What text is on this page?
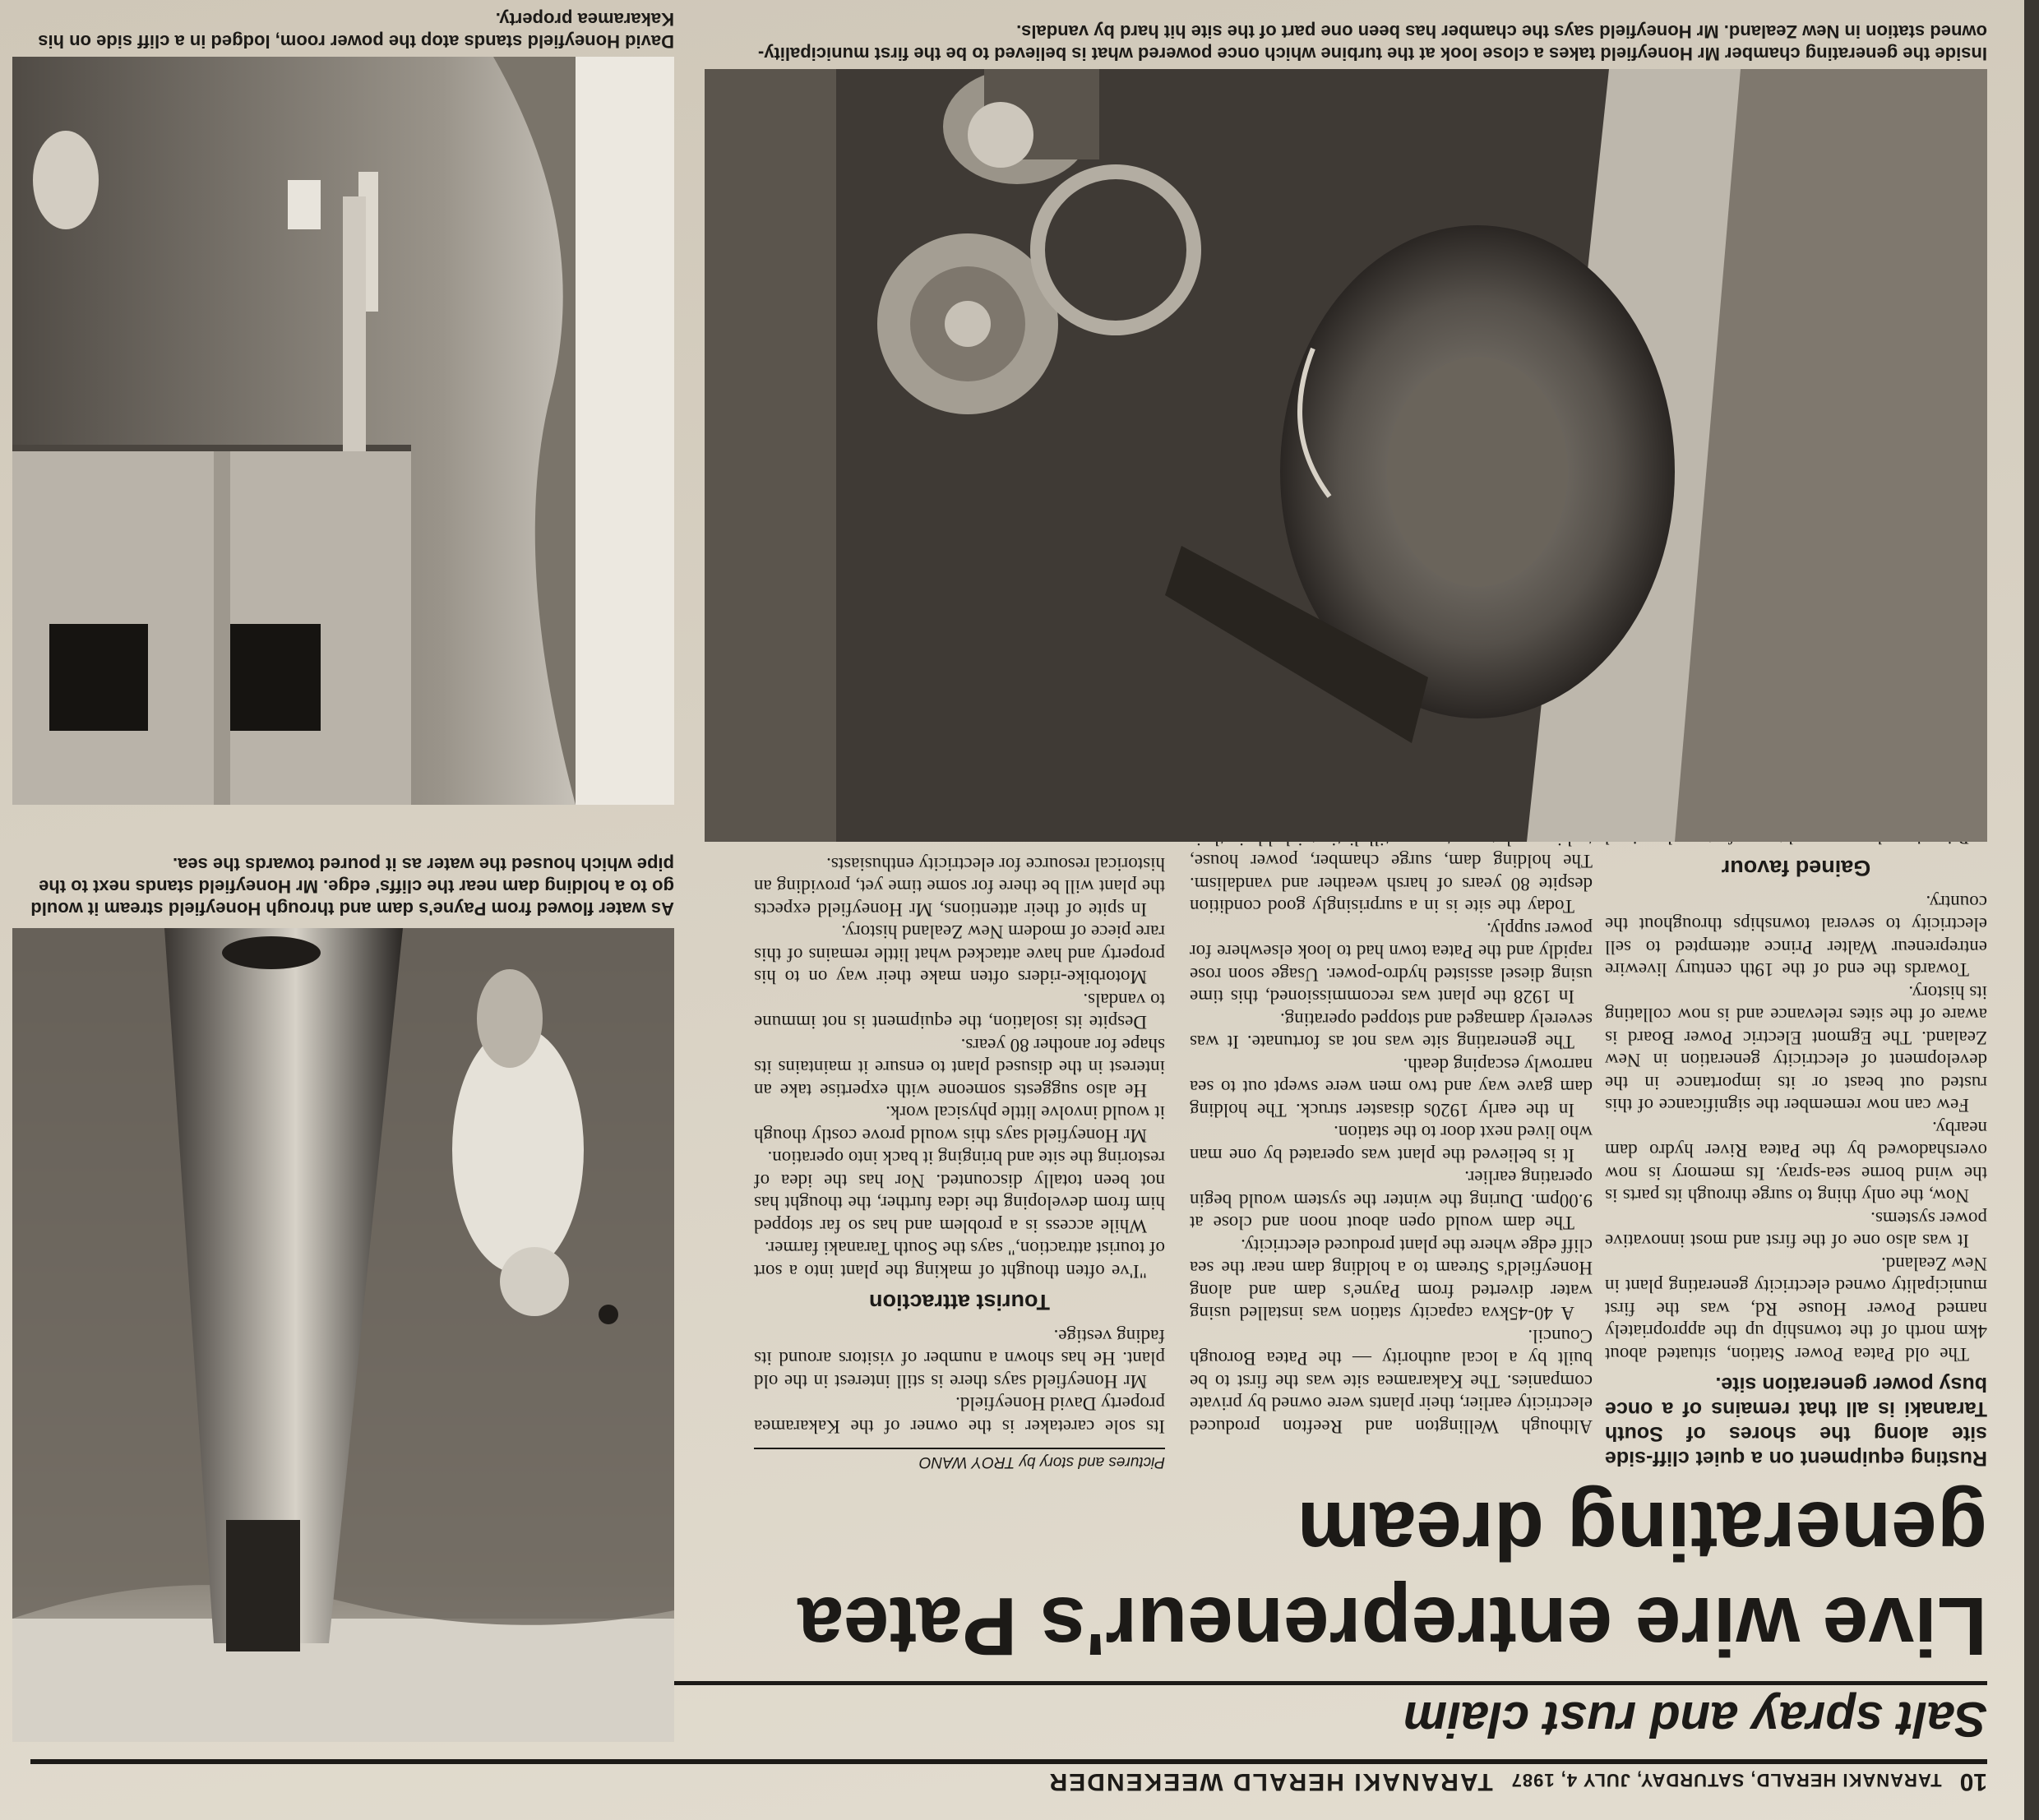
10
TARANAKI HERALD, SATURDAY, JULY 4, 1987
TARANAKI HERALD WEEKENDER
Salt spray and rust claim
Live wire entrepreneur's Patea generating dream
Pictures and story by TROY WANO	Rusting equipment on a quiet cliff-side site along the shores of South Taranaki is all that remains of a once busy power generation site.

The old Patea Power Station, situated about 4km north of the township up the appropriately named Power House Rd, was the first municipality owned electricity generating plant in New Zealand.

It was also one of the first and most innovative power systems.

Now, the only thing to surge through its parts is the wind borne sea-spray. Its memory is now overshadowed by the Patea River hydro dam nearby.

Few can now remember the significance of this rusted out beast or its importance in the development of electricity generation in New Zealand. The Egmont Electric Power Board is aware of the sites relevance and is now collating its history.

Towards the end of the 19th century livewire entrepreneur Walter Prince attempted to sell electricity to several townships throughout the country.

Gained favour

Although Wellington and Reefton produced electricity earlier, their plants were owned by private companies. The Kakaramea site was the first to be built by a local authority — the Patea Borough Council.

A 40-45kva capacity station was installed using water diverted from Payne's dam and along Honeyfield's Stream to a holding dam near the sea cliff edge where the plant produced electricity.

The dam would open about noon and close at 9.00pm. During the winter the system would begin operating earlier.

It is believed the plant was operated by one man who lived next door to the station.

In the early 1920s disaster struck. The holding dam gave way and two men were swept out to sea narrowly escaping death.

The generating site was not as fortunate. It was severely damaged and stopped operating.

In 1928 the plant was recommissioned, this time using diesel assisted hydro-power. Usage soon rose rapidly and the Patea town had to look elsewhere for power supply.

Today the site is in a surprisingly good condition despite 80 years of harsh weather and vandalism. The holding dam, surge chamber, power house,

Its sole caretaker is the owner of the Kakaramea property David Honeyfield.

Mr Honeyfield says there is still interest in the old plant. He has shown a number of visitors around its fading vestige.

Tourist attraction

"I've often thought of making the plant into a sort of tourist attraction," says the South Taranaki farmer.

While access is a problem and has so far stopped him from developing the idea further, the thought has not been totally discounted. Nor has the idea of restoring the site and bringing it back into operation.

Mr Honeyfield says this would prove costly though it would involve little physical work.

He also suggests someone with expertise take an interest in the disused plant to ensure it maintains its shape for another 80 years.

Despite its isolation, the equipment is not immune to vandals.

Motorbike-riders often make their way on to his property and have attacked what little remains of this rare piece of modern New Zealand history.

In spite of their attentions, Mr Honeyfield expects the plant will be there for some time yet, providing an historical resource for electricity enthusiasts.

As water flowed from Payne's dam and through Honeyfield stream it would go to a holding dam near the cliffs' edge. Mr Honeyfield stands next to the pipe which housed the water as it poured towards the sea.
Inside the generating chamber Mr Honeyfield takes a close look at the turbine which once powered what is believed to be the first municipality-owned station in New Zealand. Mr Honeyfield says the chamber has been one part of the site hit hard by vandals.
David Honeyfield stands atop the power room, lodged in a cliff side on his Kakaramea property.
